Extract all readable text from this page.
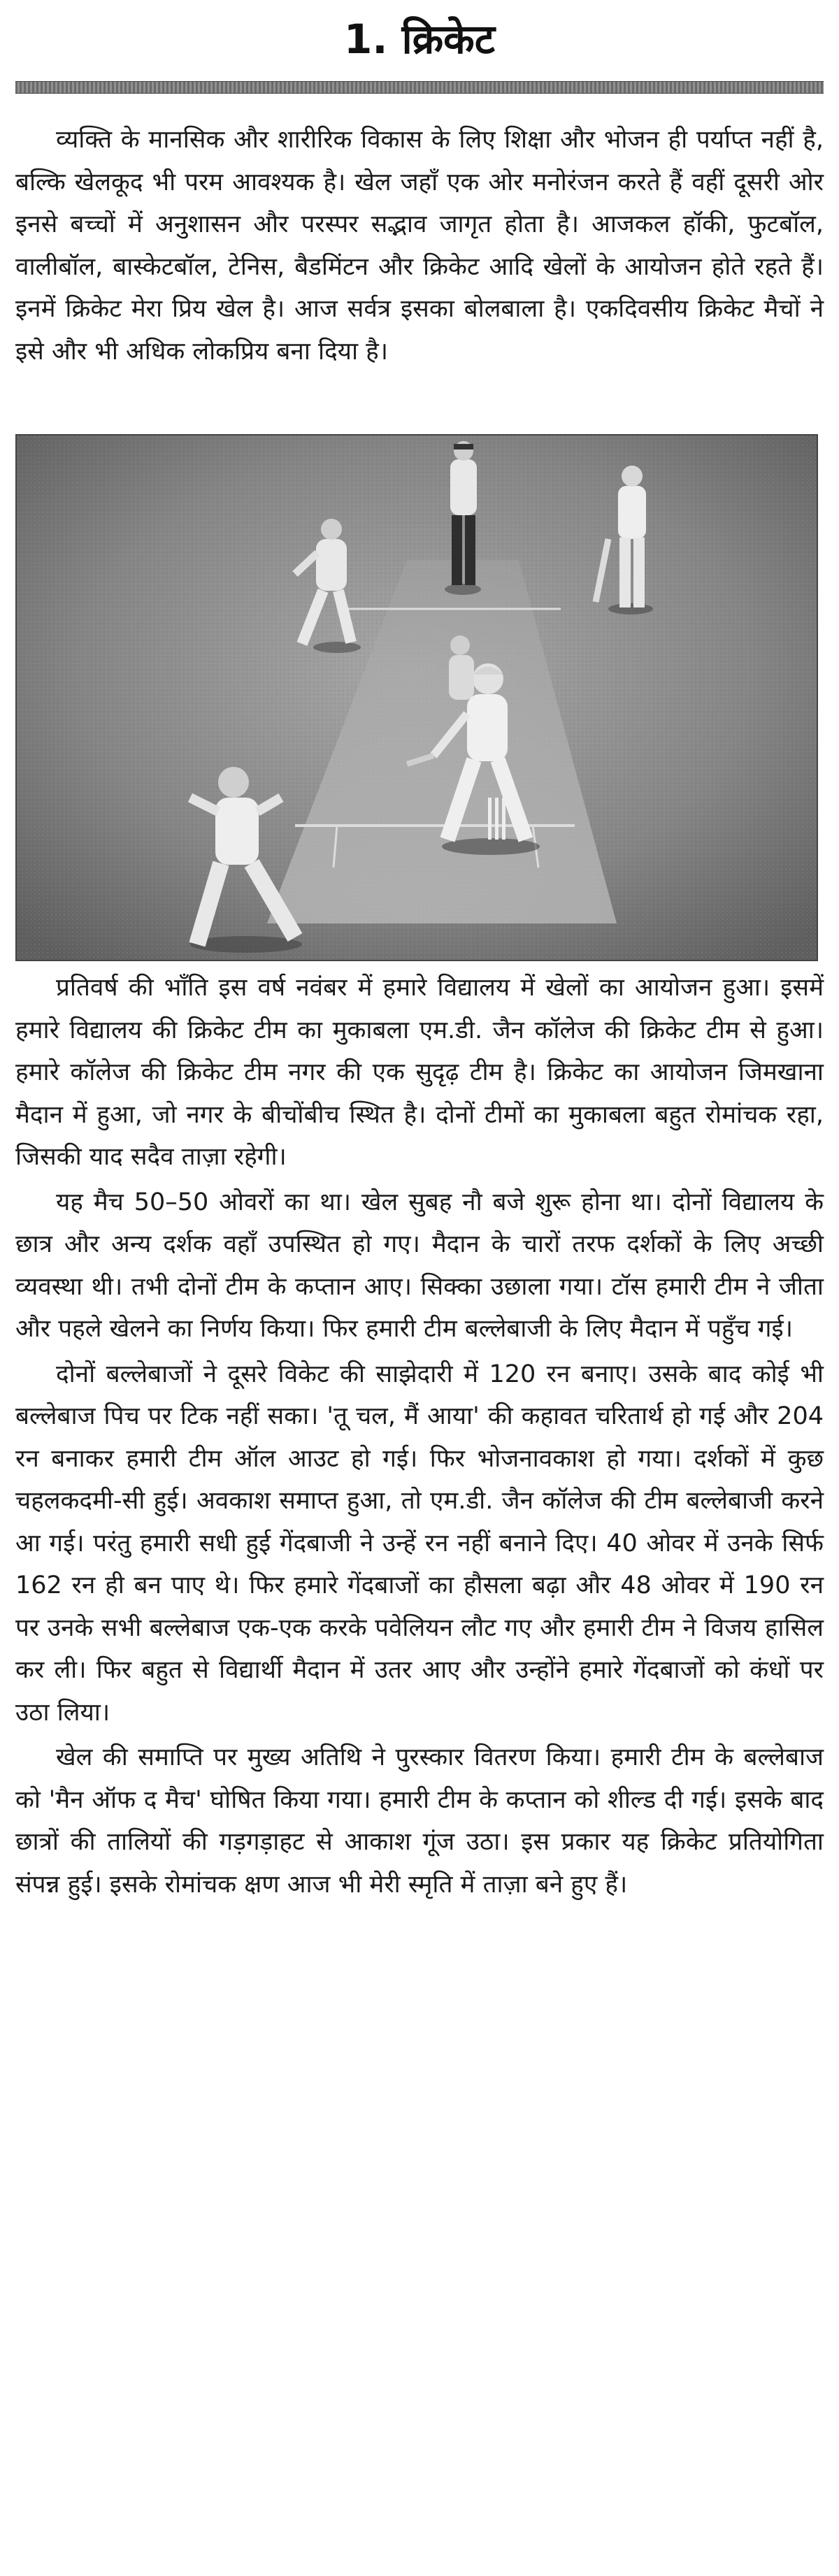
1. क्रिकेट

व्यक्ति के मानसिक और शारीरिक विकास के लिए शिक्षा और भोजन ही पर्याप्त नहीं है, बल्कि खेलकूद भी परम आवश्यक है। खेल जहाँ एक ओर मनोरंजन करते हैं वहीं दूसरी ओर इनसे बच्चों में अनुशासन और परस्पर सद्भाव जागृत होता है। आजकल हॉकी, फुटबॉल, वालीबॉल, बास्केटबॉल, टेनिस, बैडमिंटन और क्रिकेट आदि खेलों के आयोजन होते रहते हैं। इनमें क्रिकेट मेरा प्रिय खेल है। आज सर्वत्र इसका बोलबाला है। एकदिवसीय क्रिकेट मैचों ने इसे और भी अधिक लोकप्रिय बना दिया है।

प्रतिवर्ष की भाँति इस वर्ष नवंबर में हमारे विद्यालय में खेलों का आयोजन हुआ। इसमें हमारे विद्यालय की क्रिकेट टीम का मुकाबला एम.डी. जैन कॉलेज की क्रिकेट टीम से हुआ। हमारे कॉलेज की क्रिकेट टीम नगर की एक सुदृढ़ टीम है। क्रिकेट का आयोजन जिमखाना मैदान में हुआ, जो नगर के बीचोंबीच स्थित है। दोनों टीमों का मुकाबला बहुत रोमांचक रहा, जिसकी याद सदैव ताज़ा रहेगी।

यह मैच 50–50 ओवरों का था। खेल सुबह नौ बजे शुरू होना था। दोनों विद्यालय के छात्र और अन्य दर्शक वहाँ उपस्थित हो गए। मैदान के चारों तरफ दर्शकों के लिए अच्छी व्यवस्था थी। तभी दोनों टीम के कप्तान आए। सिक्का उछाला गया। टॉस हमारी टीम ने जीता और पहले खेलने का निर्णय किया। फिर हमारी टीम बल्लेबाजी के लिए मैदान में पहुँच गई।

दोनों बल्लेबाजों ने दूसरे विकेट की साझेदारी में 120 रन बनाए। उसके बाद कोई भी बल्लेबाज पिच पर टिक नहीं सका। 'तू चल, मैं आया' की कहावत चरितार्थ हो गई और 204 रन बनाकर हमारी टीम ऑल आउट हो गई। फिर भोजनावकाश हो गया। दर्शकों में कुछ चहलकदमी-सी हुई। अवकाश समाप्त हुआ, तो एम.डी. जैन कॉलेज की टीम बल्लेबाजी करने आ गई। परंतु हमारी सधी हुई गेंदबाजी ने उन्हें रन नहीं बनाने दिए। 40 ओवर में उनके सिर्फ 162 रन ही बन पाए थे। फिर हमारे गेंदबाजों का हौसला बढ़ा और 48 ओवर में 190 रन पर उनके सभी बल्लेबाज एक-एक करके पवेलियन लौट गए और हमारी टीम ने विजय हासिल कर ली। फिर बहुत से विद्यार्थी मैदान में उतर आए और उन्होंने हमारे गेंदबाजों को कंधों पर उठा लिया।

खेल की समाप्ति पर मुख्य अतिथि ने पुरस्कार वितरण किया। हमारी टीम के बल्लेबाज को 'मैन ऑफ द मैच' घोषित किया गया। हमारी टीम के कप्तान को शील्ड दी गई। इसके बाद छात्रों की तालियों की गड़गड़ाहट से आकाश गूंज उठा। इस प्रकार यह क्रिकेट प्रतियोगिता संपन्न हुई। इसके रोमांचक क्षण आज भी मेरी स्मृति में ताज़ा बने हुए हैं।
